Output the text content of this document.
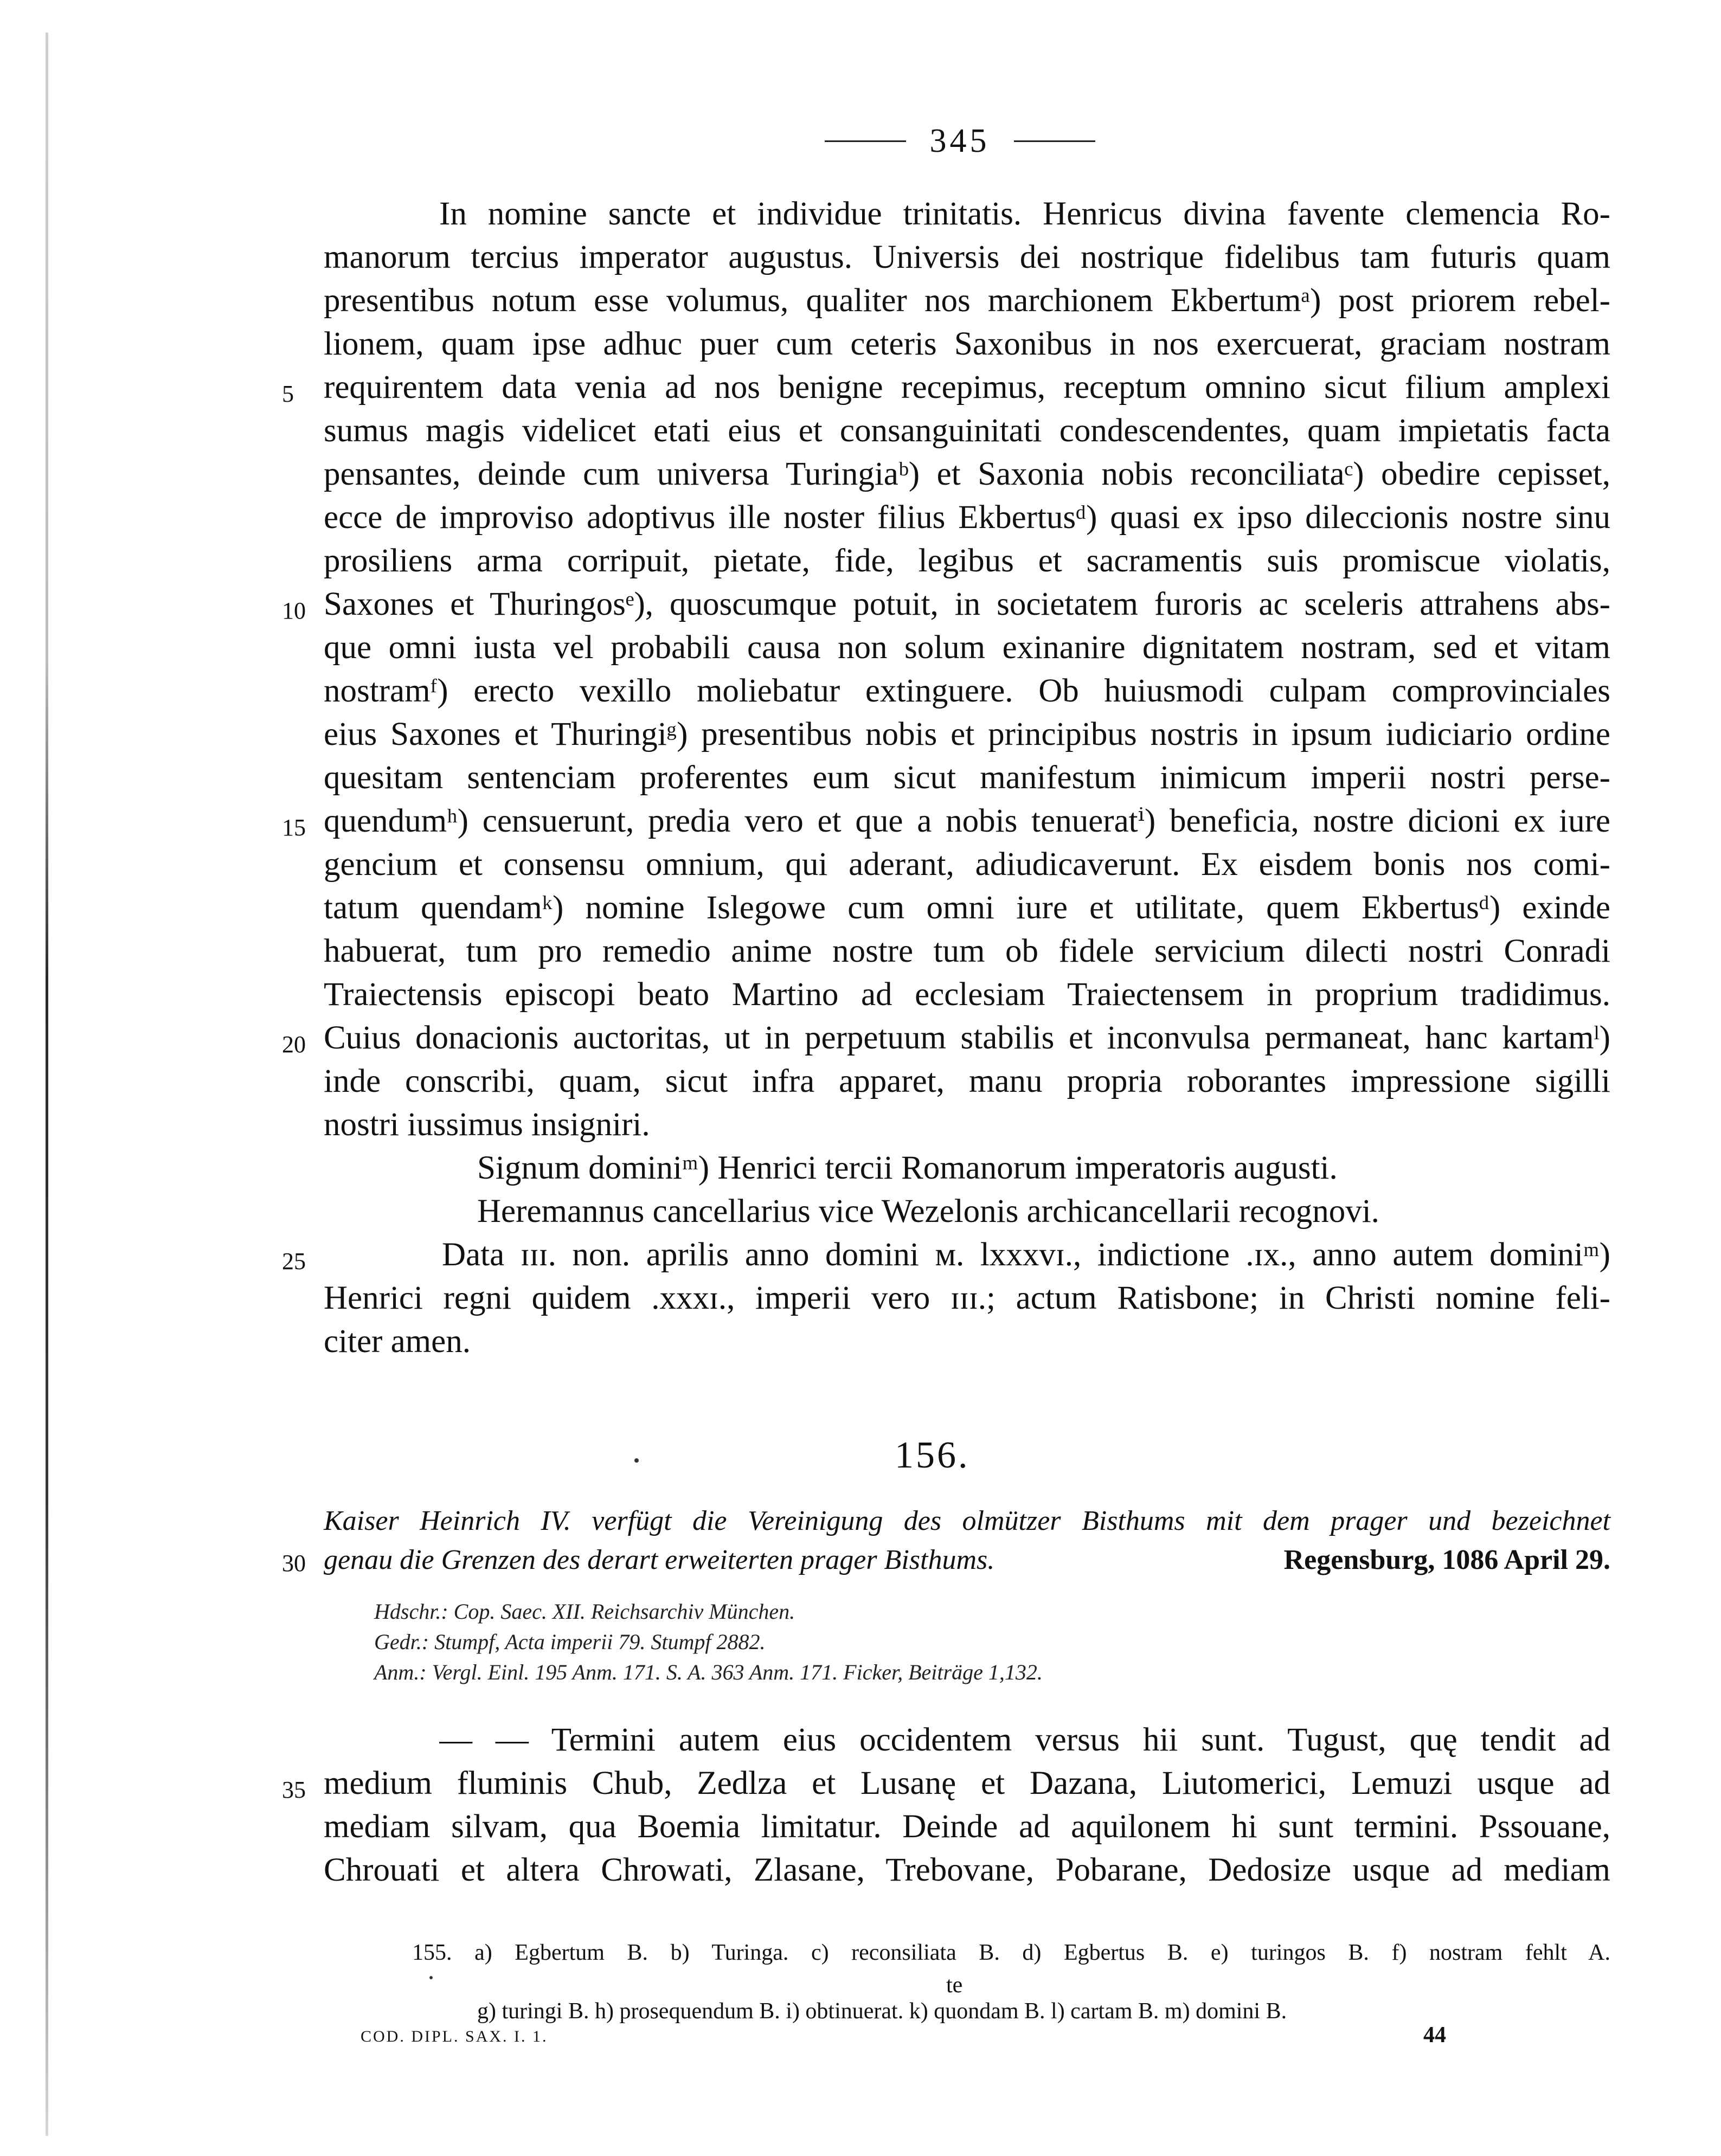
345
In nomine sancte et individue trinitatis. Henricus divina favente clemencia Ro-
manorum tercius imperator augustus. Universis dei nostrique fidelibus tam futuris quam
presentibus notum esse volumus, qualiter nos marchionem Ekbertumᵃ) post priorem rebel-
lionem, quam ipse adhuc puer cum ceteris Saxonibus in nos exercuerat, graciam nostram
5 requirentem data venia ad nos benigne recepimus, receptum omnino sicut filium amplexi
sumus magis videlicet etati eius et consanguinitati condescendentes, quam impietatis facta
pensantes, deinde cum universa Turingiaᵇ) et Saxonia nobis reconciliataᶜ) obedire cepisset,
ecce de improviso adoptivus ille noster filius Ekbertusᵈ) quasi ex ipso dileccionis nostre sinu
prosiliens arma corripuit, pietate, fide, legibus et sacramentis suis promiscue violatis,
10 Saxones et Thuringosᵉ), quoscumque potuit, in societatem furoris ac sceleris attrahens abs-
que omni iusta vel probabili causa non solum exinanire dignitatem nostram, sed et vitam
nostramᶠ) erecto vexillo moliebatur extinguere. Ob huiusmodi culpam comprovinciales
eius Saxones et Thuringiᵍ) presentibus nobis et principibus nostris in ipsum iudiciario ordine
quesitam sentenciam proferentes eum sicut manifestum inimicum imperii nostri perse-
15 quendumʰ) censuerunt, predia vero et que a nobis tenueratⁱ) beneficia, nostre dicioni ex iure
gencium et consensu omnium, qui aderant, adiudicaverunt. Ex eisdem bonis nos comi-
tatum quendamᵏ) nomine Islegowe cum omni iure et utilitate, quem Ekbertusᵈ) exinde
habuerat, tum pro remedio anime nostre tum ob fidele servicium dilecti nostri Conradi
Traiectensis episcopi beato Martino ad ecclesiam Traiectensem in proprium tradidimus.
20 Cuius donacionis auctoritas, ut in perpetuum stabilis et inconvulsa permaneat, hanc kartamˡ)
inde conscribi, quam, sicut infra apparet, manu propria roborantes impressione sigilli
nostri iussimus insigniri.
Signum dominiᵐ) Henrici tercii Romanorum imperatoris augusti.
Heremannus cancellarius vice Wezelonis archicancellarii recognovi.
25	Data ɪɪɪ. non. aprilis anno domini ᴍ. lxxxvɪ., indictione .ɪx., anno autem dominiᵐ)
Henrici regni quidem .xxxɪ., imperii vero ɪɪɪ.; actum Ratisbone; in Christi nomine feli-
citer amen.
156.
Kaiser Heinrich IV. verfügt die Vereinigung des olmützer Bisthums mit dem prager und bezeichnet
30 genau die Grenzen des derart erweiterten prager Bisthums.	Regensburg, 1086 April 29.
Hdschr.: Cop. Saec. XII. Reichsarchiv München.
Gedr.: Stumpf, Acta imperii 79. Stumpf 2882.
Anm.: Vergl. Einl. 195 Anm. 171. S. A. 363 Anm. 171. Ficker, Beiträge 1,132.
— — Termini autem eius occidentem versus hii sunt. Tugust, quę tendit ad
35 medium fluminis Chub, Zedlza et Lusanę et Dazana, Liutomerici, Lemuzi usque ad
mediam silvam, qua Boemia limitatur. Deinde ad aquilonem hi sunt termini. Pssouane,
Chrouati et altera Chrowati, Zlasane, Trebovane, Pobarane, Dedosize usque ad mediam
155. a) Egbertum B. b) Turinga. c) reconsiliata B. d) Egbertus B. e) turingos B. f) nostram fehlt A.
te
g) turingi B. h) prosequendum B. i) obtinuerat. k) quondam B. l) cartam B. m) domini B.
COD. DIPL. SAX. I. 1.	44
